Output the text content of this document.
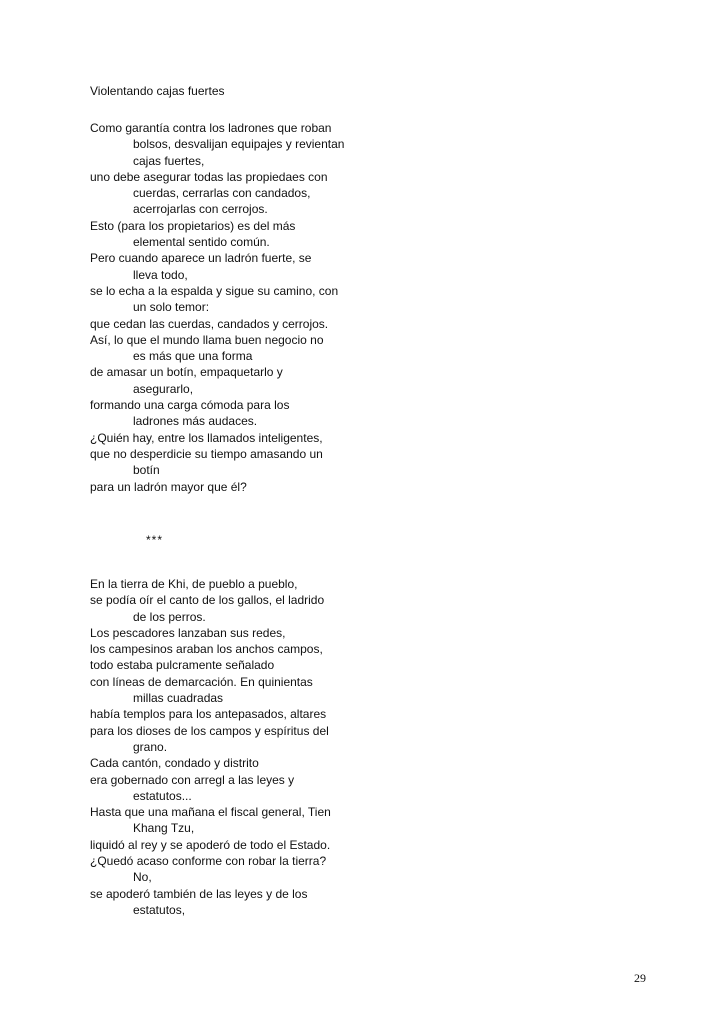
Violentando cajas fuertes
Como garantía contra los ladrones que roban
bolsos, desvalijan equipajes y revientan
cajas fuertes,
uno debe asegurar todas las propiedaes con
cuerdas, cerrarlas con candados,
acerrojarlas con cerrojos.
Esto (para los propietarios) es del más
elemental sentido común.
Pero cuando aparece un ladrón fuerte, se
lleva todo,
se lo echa a la espalda y sigue su camino, con
un solo temor:
que cedan las cuerdas, candados y cerrojos.
Así, lo que el mundo llama buen negocio no
es más que una forma
de amasar un botín, empaquetarlo y
asegurarlo,
formando una carga cómoda para los
ladrones más audaces.
¿Quién hay, entre los llamados inteligentes,
que no desperdicie su tiempo amasando un
botín
para un ladrón mayor que él?
***
En la tierra de Khi, de pueblo a pueblo,
se podía oír el canto de los gallos, el ladrido
de los perros.
Los pescadores lanzaban sus redes,
los campesinos araban los anchos campos,
todo estaba pulcramente señalado
con líneas de demarcación. En quinientas
millas cuadradas
había templos para los antepasados, altares
para los dioses de los campos y espíritus del
grano.
Cada cantón, condado y distrito
era gobernado con arregl a las leyes y
estatutos...
Hasta que una mañana el fiscal general, Tien
Khang Tzu,
liquidó al rey y se apoderó de todo el Estado.
¿Quedó acaso conforme con robar la tierra?
No,
se apoderó también de las leyes y de los
estatutos,
29
